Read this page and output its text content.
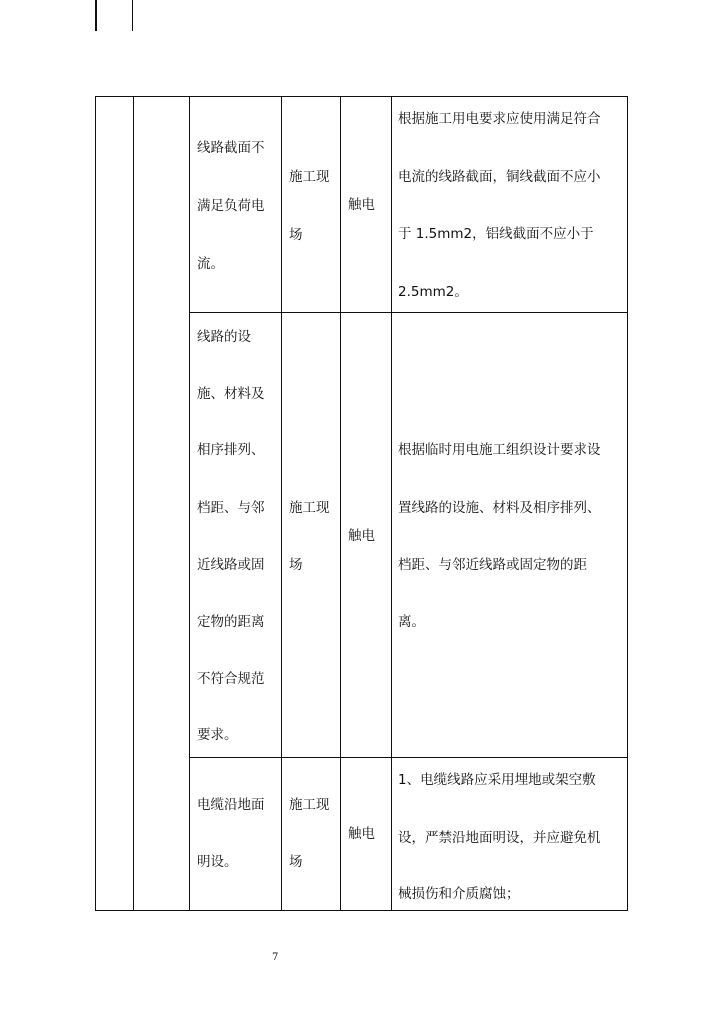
线路截面不
满足负荷电
流。
施工现
场
触电
根据施工用电要求应使用满足符合
电流的线路截面，铜线截面不应小
于 1.5mm2，铝线截面不应小于
2.5mm2。
线路的设
施、材料及
相序排列、
档距、与邻
近线路或固
定物的距离
不符合规范
要求。
施工现
场
触电
根据临时用电施工组织设计要求设
置线路的设施、材料及相序排列、
档距、与邻近线路或固定物的距
离。
电缆沿地面
明设。
施工现
场
触电
1、电缆线路应采用埋地或架空敷
设，严禁沿地面明设，并应避免机
械损伤和介质腐蚀；
7
